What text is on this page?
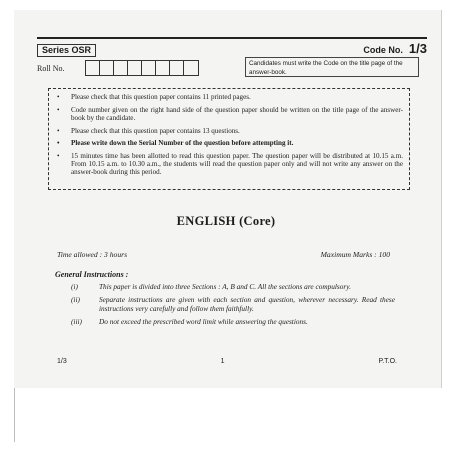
Series OSR	Code No. 1/3
Roll No.	Candidates must write the Code on the title page of the answer-book.
• Please check that this question paper contains 11 printed pages.
• Code number given on the right hand side of the question paper should be written on the title page of the answer-book by the candidate.
• Please check that this question paper contains 13 questions.
• Please write down the Serial Number of the question before attempting it.
• 15 minutes time has been allotted to read this question paper. The question paper will be distributed at 10.15 a.m. From 10.15 a.m. to 10.30 a.m., the students will read the question paper only and will not write any answer on the answer-book during this period.
ENGLISH (Core)
Time allowed : 3 hours	Maximum Marks : 100
General Instructions :
(i)	This paper is divided into three Sections : A, B and C. All the sections are compulsory.
(ii)	Separate instructions are given with each section and question, wherever necessary. Read these instructions very carefully and follow them faithfully.
(iii)	Do not exceed the prescribed word limit while answering the questions.
1/3	1	P.T.O.
